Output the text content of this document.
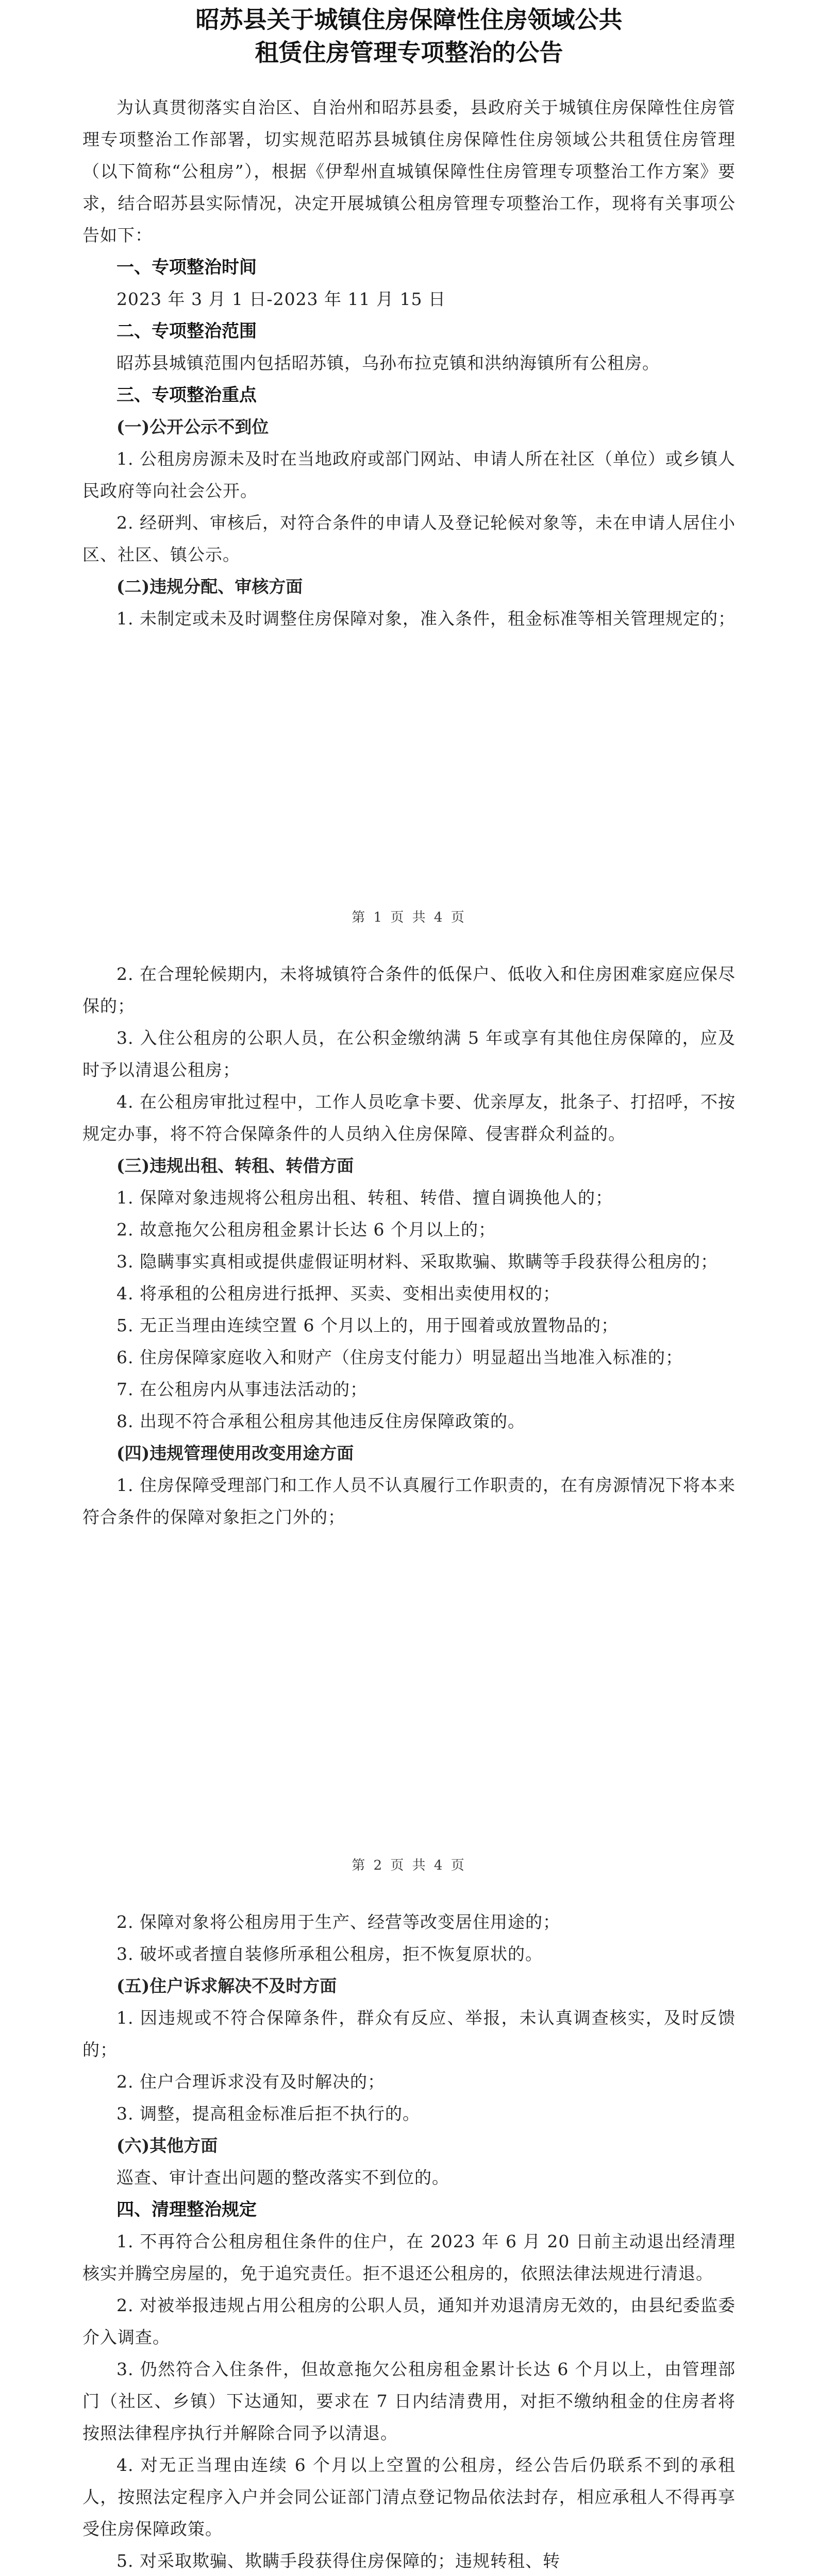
昭苏县关于城镇住房保障性住房领域公共
租赁住房管理专项整治的公告

为认真贯彻落实自治区、自治州和昭苏县委，县政府关于城镇住房保障性住房管理专项整治工作部署，切实规范昭苏县城镇住房保障性住房领域公共租赁住房管理（以下简称“公租房”），根据《伊犁州直城镇保障性住房管理专项整治工作方案》要求，结合昭苏县实际情况，决定开展城镇公租房管理专项整治工作，现将有关事项公告如下：

一、专项整治时间

2023 年 3 月 1 日-2023 年 11 月 15 日

二、专项整治范围

昭苏县城镇范围内包括昭苏镇，乌孙布拉克镇和洪纳海镇所有公租房。

三、专项整治重点
(一)公开公示不到位

1. 公租房房源未及时在当地政府或部门网站、申请人所在社区（单位）或乡镇人民政府等向社会公开。

2. 经研判、审核后，对符合条件的申请人及登记轮候对象等，未在申请人居住小区、社区、镇公示。

(二)违规分配、审核方面

1. 未制定或未及时调整住房保障对象，准入条件，租金标准等相关管理规定的；

第 1 页 共 4 页

2. 在合理轮候期内，未将城镇符合条件的低保户、低收入和住房困难家庭应保尽保的；

3. 入住公租房的公职人员，在公积金缴纳满 5 年或享有其他住房保障的，应及时予以清退公租房；

4. 在公租房审批过程中，工作人员吃拿卡要、优亲厚友，批条子、打招呼，不按规定办事，将不符合保障条件的人员纳入住房保障、侵害群众利益的。

(三)违规出租、转租、转借方面

1. 保障对象违规将公租房出租、转租、转借、擅自调换他人的；

2. 故意拖欠公租房租金累计长达 6 个月以上的；

3. 隐瞒事实真相或提供虚假证明材料、采取欺骗、欺瞒等手段获得公租房的；

4. 将承租的公租房进行抵押、买卖、变相出卖使用权的；

5. 无正当理由连续空置 6 个月以上的，用于囤着或放置物品的；

6. 住房保障家庭收入和财产（住房支付能力）明显超出当地准入标准的；

7. 在公租房内从事违法活动的；

8. 出现不符合承租公租房其他违反住房保障政策的。

(四)违规管理使用改变用途方面

1. 住房保障受理部门和工作人员不认真履行工作职责的，在有房源情况下将本来符合条件的保障对象拒之门外的；

第 2 页 共 4 页

2. 保障对象将公租房用于生产、经营等改变居住用途的；

3. 破坏或者擅自装修所承租公租房，拒不恢复原状的。

(五)住户诉求解决不及时方面

1. 因违规或不符合保障条件，群众有反应、举报，未认真调查核实，及时反馈的；

2. 住户合理诉求没有及时解决的；

3. 调整，提高租金标准后拒不执行的。

(六)其他方面

巡查、审计查出问题的整改落实不到位的。

四、清理整治规定

1. 不再符合公租房租住条件的住户，在 2023 年 6 月 20 日前主动退出经清理核实并腾空房屋的，免于追究责任。拒不退还公租房的，依照法律法规进行清退。

2. 对被举报违规占用公租房的公职人员，通知并劝退清房无效的，由县纪委监委介入调查。

3. 仍然符合入住条件，但故意拖欠公租房租金累计长达 6 个月以上，由管理部门（社区、乡镇）下达通知，要求在 7 日内结清费用，对拒不缴纳租金的住房者将按照法律程序执行并解除合同予以清退。

4. 对无正当理由连续 6 个月以上空置的公租房，经公告后仍联系不到的承租人，按照法定程序入户并会同公证部门清点登记物品依法封存，相应承租人不得再享受住房保障政策。

5. 对采取欺骗、欺瞒手段获得住房保障的；违规转租、转
